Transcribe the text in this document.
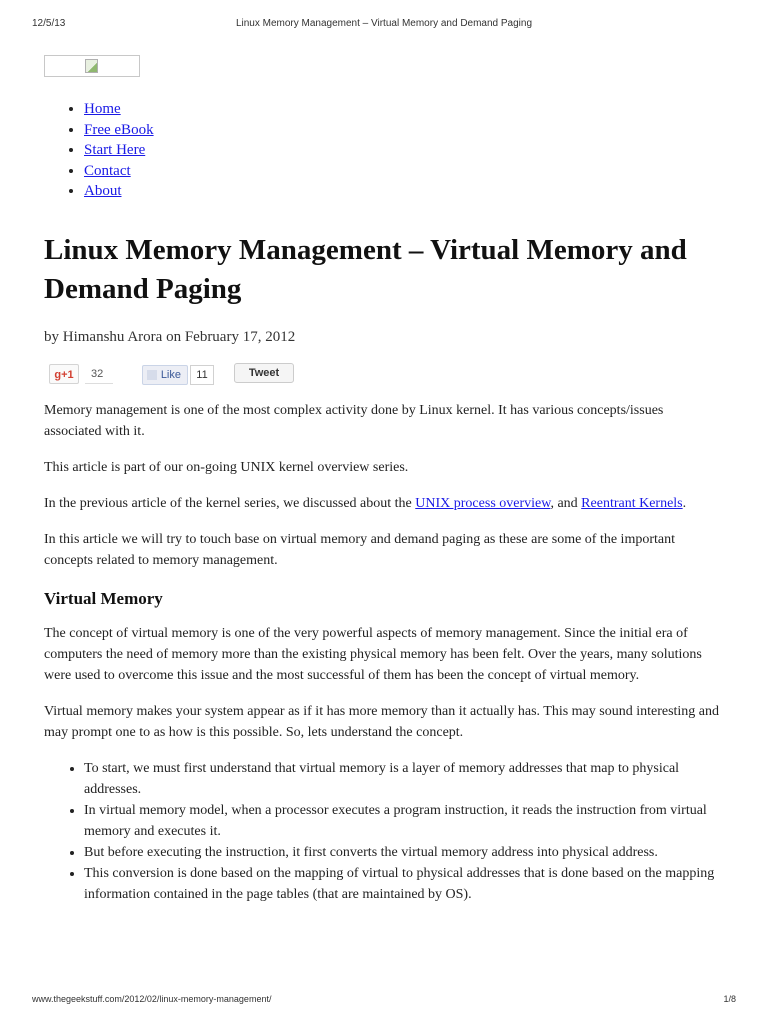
12/5/13	Linux Memory Management – Virtual Memory and Demand Paging
• Home
• Free eBook
• Start Here
• Contact
• About
Linux Memory Management – Virtual Memory and Demand Paging
by Himanshu Arora on February 17, 2012
g+1	32	Like	11	Tweet

Memory management is one of the most complex activity done by Linux kernel. It has various concepts/issues associated with it.

This article is part of our on-going UNIX kernel overview series.

In the previous article of the kernel series, we discussed about the UNIX process overview, and Reentrant Kernels.

In this article we will try to touch base on virtual memory and demand paging as these are some of the important concepts related to memory management.

Virtual Memory

The concept of virtual memory is one of the very powerful aspects of memory management. Since the initial era of computers the need of memory more than the existing physical memory has been felt. Over the years, many solutions were used to overcome this issue and the most successful of them has been the concept of virtual memory.

Virtual memory makes your system appear as if it has more memory than it actually has. This may sound interesting and may prompt one to as how is this possible. So, lets understand the concept.

• To start, we must first understand that virtual memory is a layer of memory addresses that map to physical addresses.
• In virtual memory model, when a processor executes a program instruction, it reads the instruction from virtual memory and executes it.
• But before executing the instruction, it first converts the virtual memory address into physical address.
• This conversion is done based on the mapping of virtual to physical addresses that is done based on the mapping information contained in the page tables (that are maintained by OS).
www.thegeekstuff.com/2012/02/linux-memory-management/	1/8
